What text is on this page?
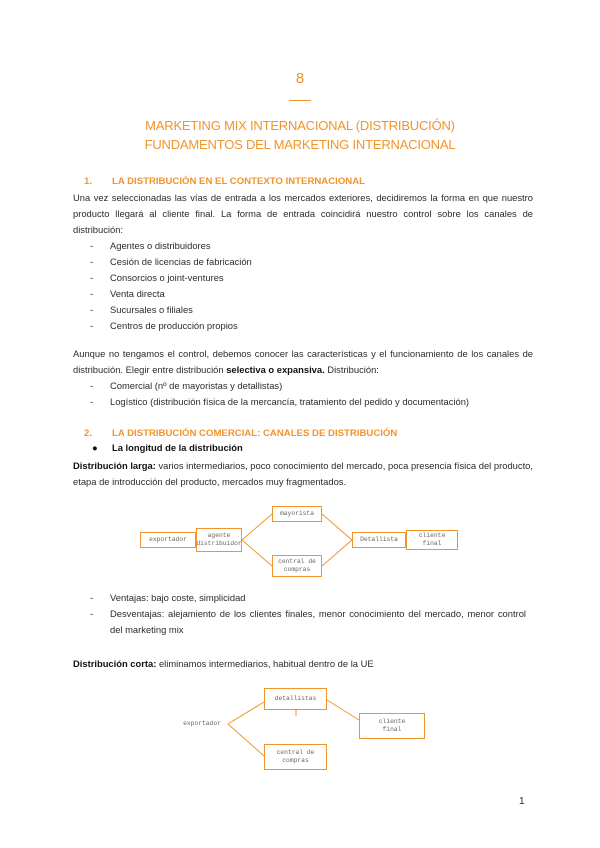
8
MARKETING MIX INTERNACIONAL (DISTRIBUCIÓN)
FUNDAMENTOS DEL MARKETING INTERNACIONAL
1. LA DISTRIBUCIÓN EN EL CONTEXTO INTERNACIONAL
Una vez seleccionadas las vías de entrada a los mercados exteriores, decidiremos la forma en que nuestro producto llegará al cliente final. La forma de entrada coincidirá nuestro control sobre los canales de distribución:
- Agentes o distribuidores
- Cesión de licencias de fabricación
- Consorcios o joint-ventures
- Venta directa
- Sucursales o filiales
- Centros de producción propios
Aunque no tengamos el control, debemos conocer las características y el funcionamiento de los canales de distribución. Elegir entre distribución selectiva o expansiva. Distribución:
- Comercial (nº de mayoristas y detallistas)
- Logístico (distribución física de la mercancía, tratamiento del pedido y documentación)
2. LA DISTRIBUCIÓN COMERCIAL: CANALES DE DISTRIBUCIÓN
● La longitud de la distribución
Distribución larga: varios intermediarios, poco conocimiento del mercado, poca presencia física del producto, etapa de introducción del producto, mercados muy fragmentados.
exportador
agente
distribuidor
mayorista
central de
compras
Detallista
cliente
final
- Ventajas: bajo coste, simplicidad
- Desventajas: alejamiento de los clientes finales, menor conocimiento del mercado, menor control del marketing mix
Distribución corta: eliminamos intermediarios, habitual dentro de la UE
exportador
detallistas
central de
compras
cliente
final
1
